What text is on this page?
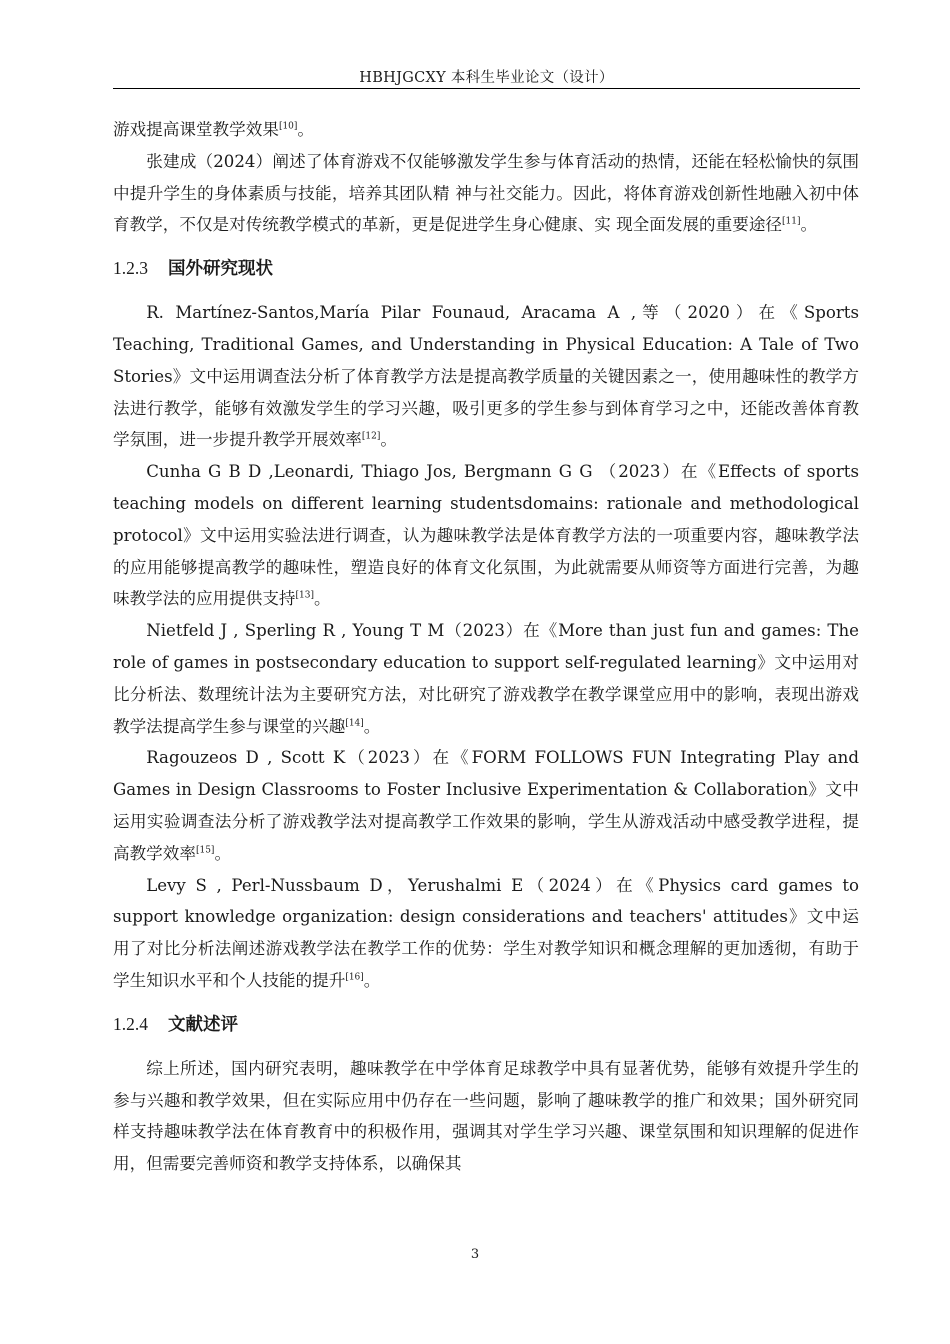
HBHJGCXY 本科生毕业论文（设计）

游戏提高课堂教学效果[10]。

张建成（2024）阐述了体育游戏不仅能够激发学生参与体育活动的热情，还能在轻松愉快的氛围中提升学生的身体素质与技能，培养其团队精 神与社交能力。因此，将体育游戏创新性地融入初中体育教学，不仅是对传统教学模式的革新，更是促进学生身心健康、实 现全面发展的重要途径[11]。

1.2.3 国外研究现状

R. Martínez-Santos,María Pilar Founaud, Aracama A ,等（2020）在《Sports Teaching, Traditional Games, and Understanding in Physical Education: A Tale of Two Stories》文中运用调查法分析了体育教学方法是提高教学质量的关键因素之一，使用趣味性的教学方法进行教学，能够有效激发学生的学习兴趣，吸引更多的学生参与到体育学习之中，还能改善体育教学氛围，进一步提升教学开展效率[12]。

Cunha G B D ,Leonardi, Thiago Jos, Bergmann G G （2023）在《Effects of sports teaching models on different learning studentsdomains: rationale and methodological protocol》文中运用实验法进行调查，认为趣味教学法是体育教学方法的一项重要内容，趣味教学法的应用能够提高教学的趣味性，塑造良好的体育文化氛围，为此就需要从师资等方面进行完善，为趣味教学法的应用提供支持[13]。

Nietfeld J , Sperling R , Young T M（2023）在《More than just fun and games: The role of games in postsecondary education to support self-regulated learning》文中运用对比分析法、数理统计法为主要研究方法，对比研究了游戏教学在教学课堂应用中的影响，表现出游戏教学法提高学生参与课堂的兴趣[14]。

Ragouzeos D , Scott K（2023）在《FORM FOLLOWS FUN Integrating Play and Games in Design Classrooms to Foster Inclusive Experimentation & Collaboration》文中运用实验调查法分析了游戏教学法对提高教学工作效果的影响，学生从游戏活动中感受教学进程，提高教学效率[15]。

Levy S , Perl-Nussbaum D，Yerushalmi E（2024）在《Physics card games to support knowledge organization: design considerations and teachers' attitudes》文中运用了对比分析法阐述游戏教学法在教学工作的优势：学生对教学知识和概念理解的更加透彻，有助于学生知识水平和个人技能的提升[16]。

1.2.4 文献述评

综上所述，国内研究表明，趣味教学在中学体育足球教学中具有显著优势，能够有效提升学生的参与兴趣和教学效果，但在实际应用中仍存在一些问题，影响了趣味教学的推广和效果；国外研究同样支持趣味教学法在体育教育中的积极作用，强调其对学生学习兴趣、课堂氛围和知识理解的促进作用，但需要完善师资和教学支持体系，以确保其

3
